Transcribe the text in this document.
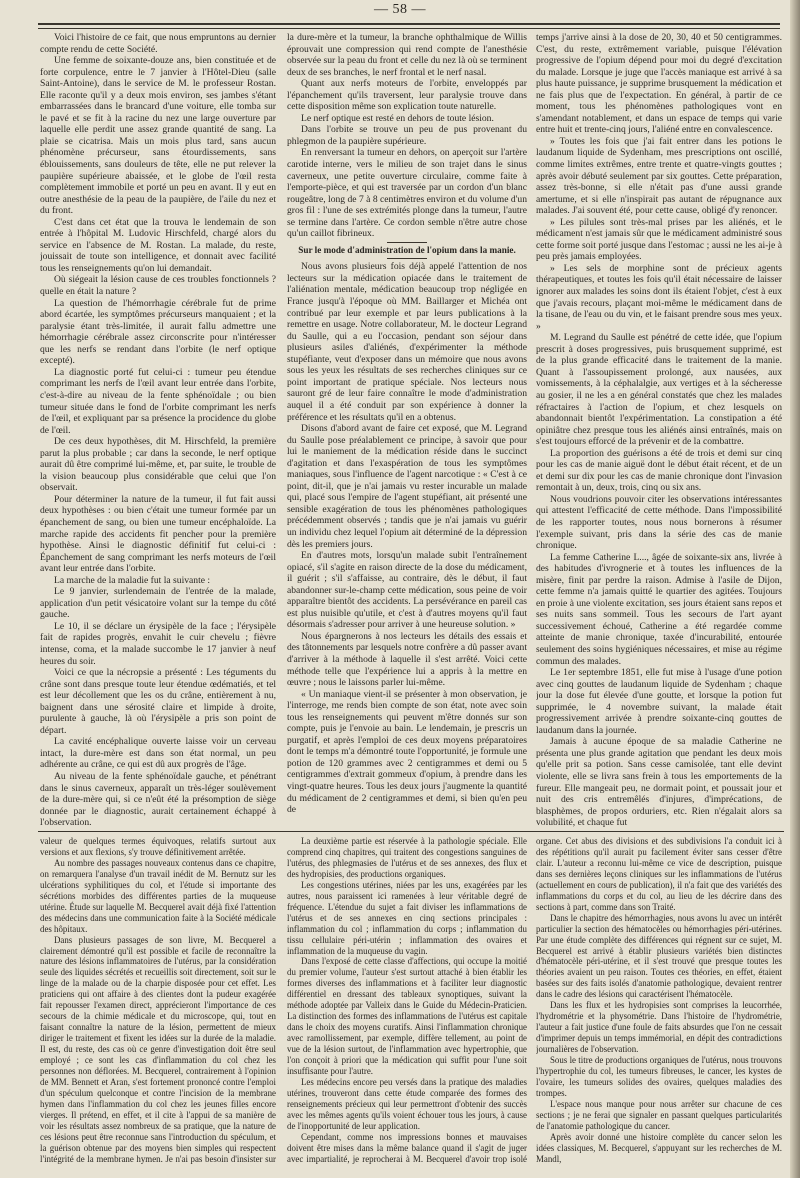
— 58 —

Voici l'histoire de ce fait, que nous empruntons au dernier compte rendu de cette Société.

Une femme de soixante-douze ans, bien constituée et de forte corpulence, entre le 7 janvier à l'Hôtel-Dieu (salle Saint-Antoine), dans le service de M. le professeur Rostan. Elle raconte qu'il y a deux mois environ, ses jambes s'étant embarrassées dans le brancard d'une voiture, elle tomba sur le pavé et se fit à la racine du nez une large ouverture par laquelle elle perdit une assez grande quantité de sang. La plaie se cicatrisa. Mais un mois plus tard, sans aucun phénomène précurseur, sans étourdissements, sans éblouissements, sans douleurs de tête, elle ne put relever la paupière supérieure abaissée, et le globe de l'œil resta complètement immobile et porté un peu en avant. Il y eut en outre anesthésie de la peau de la paupière, de l'aile du nez et du front.

C'est dans cet état que la trouva le lendemain de son entrée à l'hôpital M. Ludovic Hirschfeld, chargé alors du service en l'absence de M. Rostan. La malade, du reste, jouissait de toute son intelligence, et donnait avec facilité tous les renseignements qu'on lui demandait.

Où siégeait la lésion cause de ces troubles fonctionnels ? quelle en était la nature ?

La question de l'hémorrhagie cérébrale fut de prime abord écartée, les symptômes précurseurs manquaient ; et la paralysie étant très-limitée, il aurait fallu admettre une hémorrhagie cérébrale assez circonscrite pour n'intéresser que les nerfs se rendant dans l'orbite (le nerf optique excepté).

La diagnostic porté fut celui-ci : tumeur peu étendue comprimant les nerfs de l'œil avant leur entrée dans l'orbite, c'est-à-dire au niveau de la fente sphénoïdale ; ou bien tumeur située dans le fond de l'orbite comprimant les nerfs de l'œil, et expliquant par sa présence la procidence du globe de l'œil.

De ces deux hypothèses, dit M. Hirschfeld, la première parut la plus probable ; car dans la seconde, le nerf optique aurait dû être comprimé lui-même, et, par suite, le trouble de la vision beaucoup plus considérable que celui que l'on observait.

Pour déterminer la nature de la tumeur, il fut fait aussi deux hypothèses : ou bien c'était une tumeur formée par un épanchement de sang, ou bien une tumeur encéphaloïde. La marche rapide des accidents fit pencher pour la première hypothèse. Ainsi le diagnostic définitif fut celui-ci : Épanchement de sang comprimant les nerfs moteurs de l'œil avant leur entrée dans l'orbite.

La marche de la maladie fut la suivante :

Le 9 janvier, surlendemain de l'entrée de la malade, application d'un petit vésicatoire volant sur la tempe du côté gauche.

Le 10, il se déclare un érysipèle de la face ; l'érysipèle fait de rapides progrès, envahit le cuir chevelu ; fièvre intense, coma, et la malade succombe le 17 janvier à neuf heures du soir.

Voici ce que la nécropsie a présenté : Les téguments du crâne sont dans presque toute leur étendue œdématiés, et tel est leur décollement que les os du crâne, entièrement à nu, baignent dans une sérosité claire et limpide à droite, purulente à gauche, là où l'érysipèle a pris son point de départ.

La cavité encéphalique ouverte laisse voir un cerveau intact, la dure-mère est dans son état normal, un peu adhérente au crâne, ce qui est dû aux progrès de l'âge.

Au niveau de la fente sphénoïdale gauche, et pénétrant dans le sinus caverneux, apparaît un très-léger soulèvement de la dure-mère qui, si ce n'eût été la présomption de siège donnée par le diagnostic, aurait certainement échappé à l'observation.

la dure-mère et la tumeur, la branche ophthalmique de Willis éprouvait une compression qui rend compte de l'anesthésie observée sur la peau du front et celle du nez là où se terminent deux de ses branches, le nerf frontal et le nerf nasal.

Quant aux nerfs moteurs de l'orbite, enveloppés par l'épanchement qu'ils traversent, leur paralysie trouve dans cette disposition même son explication toute naturelle.

Le nerf optique est resté en dehors de toute lésion.

Dans l'orbite se trouve un peu de pus provenant du phlegmon de la paupière supérieure.

En renversant la tumeur en dehors, on aperçoit sur l'artère carotide interne, vers le milieu de son trajet dans le sinus caverneux, une petite ouverture circulaire, comme faite à l'emporte-pièce, et qui est traversée par un cordon d'un blanc rougeâtre, long de 7 à 8 centimètres environ et du volume d'un gros fil : l'une de ses extrémités plonge dans la tumeur, l'autre se termine dans l'artère. Ce cordon semble n'être autre chose qu'un caillot fibrineux.

Sur le mode d'administration de l'opium dans la manie.

Nous avons plusieurs fois déjà appelé l'attention de nos lecteurs sur la médication opiacée dans le traitement de l'aliénation mentale, médication beaucoup trop négligée en France jusqu'à l'époque où MM. Baillarger et Michéa ont contribué par leur exemple et par leurs publications à la remettre en usage. Notre collaborateur, M. le docteur Legrand du Saulle, qui a eu l'occasion, pendant son séjour dans plusieurs asiles d'aliénés, d'expérimenter la méthode stupéfiante, veut d'exposer dans un mémoire que nous avons sous les yeux les résultats de ses recherches cliniques sur ce point important de pratique spéciale. Nos lecteurs nous sauront gré de leur faire connaître le mode d'administration auquel il a été conduit par son expérience à donner la préférence et les résultats qu'il en a obtenus.

Disons d'abord avant de faire cet exposé, que M. Legrand du Saulle pose préalablement ce principe, à savoir que pour lui le maniement de la médication réside dans le succinct d'agitation et dans l'exaspération de tous les symptômes maniaques, sous l'influence de l'agent narcotique : « C'est à ce point, dit-il, que je n'ai jamais vu rester incurable un malade qui, placé sous l'empire de l'agent stupéfiant, ait présenté une sensible exagération de tous les phénomènes pathologiques précédemment observés ; tandis que je n'ai jamais vu guérir un individu chez lequel l'opium ait déterminé de la dépression dès les premiers jours.

En d'autres mots, lorsqu'un malade subit l'entraînement opiacé, s'il s'agite en raison directe de la dose du médicament, il guérit ; s'il s'affaisse, au contraire, dès le début, il faut abandonner sur-le-champ cette médication, sous peine de voir apparaître bientôt des accidents. La persévérance en pareil cas est plus nuisible qu'utile, et c'est à d'autres moyens qu'il faut désormais s'adresser pour arriver à une heureuse solution. »

Nous épargnerons à nos lecteurs les détails des essais et des tâtonnements par lesquels notre confrère a dû passer avant d'arriver à la méthode à laquelle il s'est arrêté. Voici cette méthode telle que l'expérience lui a appris à la mettre en œuvre ; nous le laissons parler lui-même.

« Un maniaque vient-il se présenter à mon observation, je l'interroge, me rends bien compte de son état, note avec soin tous les renseignements qui peuvent m'être donnés sur son compte, puis je l'envoie au bain. Le lendemain, je prescris un purgatif, et après l'emploi de ces deux moyens préparatoires dont le temps m'a démontré toute l'opportunité, je formule une potion de 120 grammes avec 2 centigrammes et demi ou 5 centigrammes d'extrait gommeux d'opium, à prendre dans les vingt-quatre heures. Tous les deux jours j'augmente la quantité du médicament de 2 centigrammes et demi, si bien qu'en peu de

temps j'arrive ainsi à la dose de 20, 30, 40 et 50 centigrammes. C'est, du reste, extrêmement variable, puisque l'élévation progressive de l'opium dépend pour moi du degré d'excitation du malade. Lorsque je juge que l'accès maniaque est arrivé à sa plus haute puissance, je supprime brusquement la médication et ne fais plus que de l'expectation. En général, à partir de ce moment, tous les phénomènes pathologiques vont en s'amendant notablement, et dans un espace de temps qui varie entre huit et trente-cinq jours, l'aliéné entre en convalescence.

» Toutes les fois que j'ai fait entrer dans les potions le laudanum liquide de Sydenham, mes prescriptions ont oscillé, comme limites extrêmes, entre trente et quatre-vingts gouttes ; après avoir débuté seulement par six gouttes. Cette préparation, assez très-bonne, si elle n'était pas d'une aussi grande amertume, et si elle n'inspirait pas autant de répugnance aux malades. J'ai souvent été, pour cette cause, obligé d'y renoncer.

» Les pilules sont très-mal prises par les aliénés, et le médicament n'est jamais sûr que le médicament administré sous cette forme soit porté jusque dans l'estomac ; aussi ne les ai-je à peu près jamais employées.

» Les sels de morphine sont de précieux agents thérapeutiques, et toutes les fois qu'il était nécessaire de laisser ignorer aux malades les soins dont ils étaient l'objet, c'est à eux que j'avais recours, plaçant moi-même le médicament dans de la tisane, de l'eau ou du vin, et le faisant prendre sous mes yeux. »

M. Legrand du Saulle est pénétré de cette idée, que l'opium prescrit à doses progressives, puis brusquement supprimé, est de la plus grande efficacité dans le traitement de la manie. Quant à l'assoupissement prolongé, aux nausées, aux vomissements, à la céphalalgie, aux vertiges et à la sécheresse au gosier, il ne les a en général constatés que chez les malades réfractaires à l'action de l'opium, et chez lesquels on abandonnait bientôt l'expérimentation. La constipation a été opiniâtre chez presque tous les aliénés ainsi entraînés, mais on s'est toujours efforcé de la prévenir et de la combattre.

La proportion des guérisons a été de trois et demi sur cinq pour les cas de manie aiguë dont le début était récent, et de un et demi sur dix pour les cas de manie chronique dont l'invasion remontait à un, deux, trois, cinq ou six ans.

Nous voudrions pouvoir citer les observations intéressantes qui attestent l'efficacité de cette méthode. Dans l'impossibilité de les rapporter toutes, nous nous bornerons à résumer l'exemple suivant, pris dans la série des cas de manie chronique.

La femme Catherine L..., âgée de soixante-six ans, livrée à des habitudes d'ivrognerie et à toutes les influences de la misère, finit par perdre la raison. Admise à l'asile de Dijon, cette femme n'a jamais quitté le quartier des agitées. Toujours en proie à une violente excitation, ses jours étaient sans repos et ses nuits sans sommeil. Tous les secours de l'art ayant successivement échoué, Catherine a été regardée comme atteinte de manie chronique, taxée d'incurabilité, entourée seulement des soins hygiéniques nécessaires, et mise au régime commun des malades.

Le 1er septembre 1851, elle fut mise à l'usage d'une potion avec cinq gouttes de laudanum liquide de Sydenham ; chaque jour la dose fut élevée d'une goutte, et lorsque la potion fut supprimée, le 4 novembre suivant, la malade était progressivement arrivée à prendre soixante-cinq gouttes de laudanum dans la journée.

Jamais à aucune époque de sa maladie Catherine ne présenta une plus grande agitation que pendant les deux mois qu'elle prit sa potion. Sans cesse camisolée, tant elle devint violente, elle se livra sans frein à tous les emportements de la fureur. Elle mangeait peu, ne dormait point, et poussait jour et nuit des cris entremêlés d'injures, d'imprécations, de blasphèmes, de propos orduriers, etc. Rien n'égalait alors sa volubilité, et chaque fut

valeur de quelques termes équivoques, relatifs surtout aux versions et aux flexions, s'y trouve définitivement arrêtée.

Au nombre des passages nouveaux contenus dans ce chapitre, on remarquera l'analyse d'un travail inédit de M. Bernutz sur les ulcérations syphilitiques du col, et l'étude si importante des sécrétions morbides des différentes parties de la muqueuse utérine. Étude sur laquelle M. Becquerel avait déjà fixé l'attention des médecins dans une communication faite à la Société médicale des hôpitaux.

Dans plusieurs passages de son livre, M. Becquerel a clairement démontré qu'il est possible et facile de reconnaître la nature des lésions inflammatoires de l'utérus, par la considération seule des liquides sécrétés et recueillis soit directement, soit sur le linge de la malade ou de la charpie disposée pour cet effet. Les praticiens qui ont affaire à des clientes dont la pudeur exagérée fait repousser l'examen direct, apprécieront l'importance de ces secours de la chimie médicale et du microscope, qui, tout en faisant connaître la nature de la lésion, permettent de mieux diriger le traitement et fixent les idées sur la durée de la maladie. Il est, du reste, des cas où ce genre d'investigation doit être seul employé ; ce sont les cas d'inflammation du col chez les personnes non déflorées. M. Becquerel, contrairement à l'opinion de MM. Bennett et Aran, s'est fortement prononcé contre l'emploi d'un spéculum quelconque et contre l'incision de la membrane hymen dans l'inflammation du col chez les jeunes filles encore vierges. Il prétend, en effet, et il cite à l'appui de sa manière de voir les résultats assez nombreux de sa pratique, que la nature de ces lésions peut être reconnue sans l'introduction du spéculum, et la guérison obtenue par des moyens bien simples qui respectent l'intégrité de la membrane hymen. Je n'ai pas besoin d'insister sur

La deuxième partie est réservée à la pathologie spéciale. Elle comprend cinq chapitres, qui traitent des congestions sanguines de l'utérus, des phlegmasies de l'utérus et de ses annexes, des flux et des hydropisies, des productions organiques.

Les congestions utérines, niées par les uns, exagérées par les autres, nous paraissent ici ramenées à leur véritable degré de fréquence. L'étendue du sujet a fait diviser les inflammations de l'utérus et de ses annexes en cinq sections principales : inflammation du col ; inflammation du corps ; inflammation du tissu cellulaire péri-utérin ; inflammation des ovaires et inflammation de la muqueuse du vagin.

Dans l'exposé de cette classe d'affections, qui occupe la moitié du premier volume, l'auteur s'est surtout attaché à bien établir les formes diverses des inflammations et à faciliter leur diagnostic différentiel en dressant des tableaux synoptiques, suivant la méthode adoptée par Valleix dans le Guide du Médecin-Praticien. La distinction des formes des inflammations de l'utérus est capitale dans le choix des moyens curatifs. Ainsi l'inflammation chronique avec ramollissement, par exemple, diffère tellement, au point de vue de la lésion surtout, de l'inflammation avec hypertrophie, que l'on conçoit à priori que la médication qui suffit pour l'une soit insuffisante pour l'autre.

Les médecins encore peu versés dans la pratique des maladies utérines, trouveront dans cette étude comparée des formes des renseignements précieux qui leur permettront d'obtenir des succès avec les mêmes agents qu'ils voient échouer tous les jours, à cause de l'inopportunité de leur application.

Cependant, comme nos impressions bonnes et mauvaises doivent être mises dans la même balance quand il s'agit de juger avec impartialité, je reprocherai à M. Becquerel d'avoir trop isolé

organe. Cet abus des divisions et des subdivisions l'a conduit ici à des répétitions qu'il aurait pu facilement éviter sans cesser d'être clair. L'auteur a reconnu lui-même ce vice de description, puisque dans ses dernières leçons cliniques sur les inflammations de l'utérus (actuellement en cours de publication), il n'a fait que des variétés des inflammations du corps et du col, au lieu de les décrire dans des sections à part, comme dans son Traité.

Dans le chapitre des hémorrhagies, nous avons lu avec un intérêt particulier la section des hématocèles ou hémorrhagies péri-utérines. Par une étude complète des différences qui régnent sur ce sujet, M. Becquerel est arrivé à établir plusieurs variétés bien distinctes d'hématocèle péri-utérine, et il s'est trouvé que presque toutes les théories avaient un peu raison. Toutes ces théories, en effet, étaient basées sur des faits isolés d'anatomie pathologique, devaient rentrer dans le cadre des lésions qui caractérisent l'hématocèle.

Dans les flux et les hydropisies sont comprises la leucorrhée, l'hydrométrie et la physométrie. Dans l'histoire de l'hydrométrie, l'auteur a fait justice d'une foule de faits absurdes que l'on ne cessait d'imprimer depuis un temps immémorial, en dépit des contradictions journalières de l'observation.

Sous le titre de productions organiques de l'utérus, nous trouvons l'hypertrophie du col, les tumeurs fibreuses, le cancer, les kystes de l'ovaire, les tumeurs solides des ovaires, quelques maladies des trompes.

L'espace nous manque pour nous arrêter sur chacune de ces sections ; je ne ferai que signaler en passant quelques particularités de l'anatomie pathologique du cancer.

Après avoir donné une histoire complète du cancer selon les idées classiques, M. Becquerel, s'appuyant sur les recherches de M. Mandl,
